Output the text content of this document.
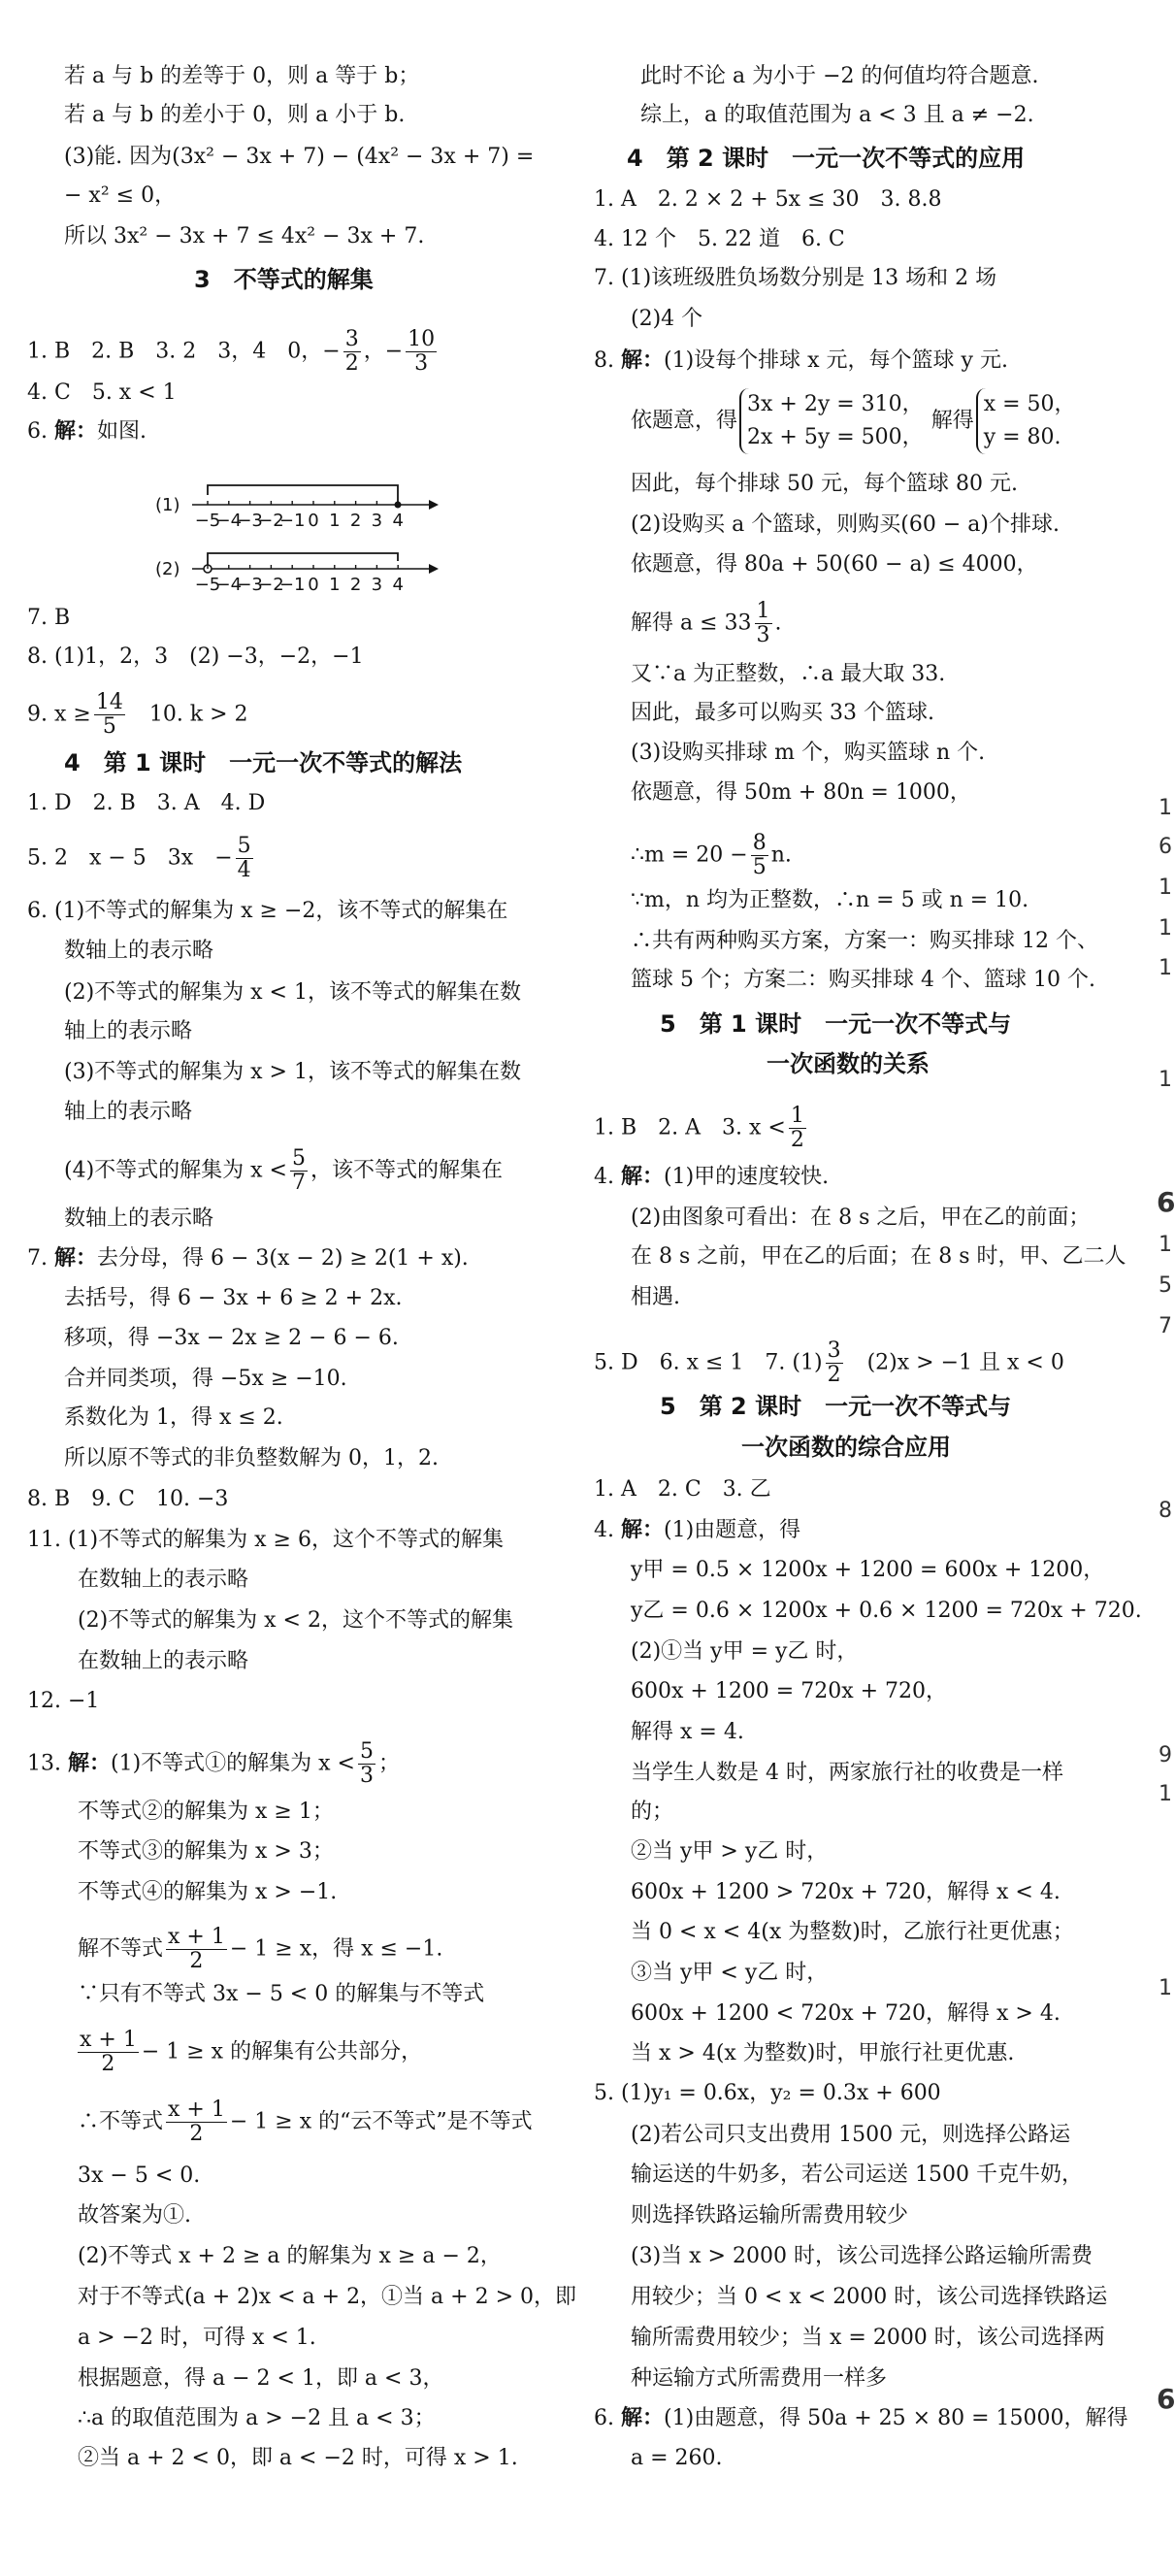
若 a 与 b 的差等于 0，则 a 等于 b；
若 a 与 b 的差小于 0，则 a 小于 b.
(3)能. 因为(3x² − 3x + 7) − (4x² − 3x + 7) =
− x² ≤ 0，
所以 3x² − 3x + 7 ≤ 4x² − 3x + 7.
3　不等式的解集
1. B　2. B　3. 2　3，4　0，− $\frac{3}{2}$ ，− $\frac{10}{3}$
4. C　5. x < 1
6. 解：如图.
(1)
−5
−4
−3
−2
−1 0 1 2 3 4
(2)
−5
−4
−3
−2
−1 0 1 2 3 4
7. B
8. (1)1，2，3　(2) −3，−2，−1
9. $x \ge \frac{14}{5}$ 　10. k > 2
4　第 1 课时　一元一次不等式的解法
1. D　2. B　3. A　4. D
5. 2　x − 5　3x　− $\frac{5}{4}$
6. (1)不等式的解集为 x ≥ −2，该不等式的解集在
数轴上的表示略
(2)不等式的解集为 x < 1，该不等式的解集在数
轴上的表示略
(3)不等式的解集为 x > 1，该不等式的解集在数
轴上的表示略
(4)不等式的解集为 $x < \frac{5}{7}$ ，该不等式的解集在
数轴上的表示略
7. 解：去分母，得 6 − 3(x − 2) ≥ 2(1 + x).
去括号，得 6 − 3x + 6 ≥ 2 + 2x.
移项，得 −3x − 2x ≥ 2 − 6 − 6.
合并同类项，得 −5x ≥ −10.
系数化为 1，得 x ≤ 2.
所以原不等式的非负整数解为 0，1，2.
8. B　9. C　10. −3
11. (1)不等式的解集为 x ≥ 6，这个不等式的解集
在数轴上的表示略
(2)不等式的解集为 x < 2，这个不等式的解集
在数轴上的表示略
12. −1
13. 解：(1)不等式①的解集为 $x < \frac{5}{3}$ ；
不等式②的解集为 x ≥ 1；
不等式③的解集为 x > 3；
不等式④的解集为 x > −1.
解不等式 $\frac{x + 1}{2} - 1 \ge x$，得 x ≤ −1.
∵只有不等式 3x − 5 < 0 的解集与不等式
$\frac{x + 1}{2} - 1 \ge x$ 的解集有公共部分，
∴不等式 $\frac{x + 1}{2} - 1 \ge x$ 的“云不等式”是不等式
3x − 5 < 0.
故答案为①.
(2)不等式 x + 2 ≥ a 的解集为 x ≥ a − 2，
对于不等式(a + 2)x < a + 2，①当 a + 2 > 0，即
a > −2 时，可得 x < 1.
根据题意，得 a − 2 < 1，即 a < 3，
∴a 的取值范围为 a > −2 且 a < 3；
②当 a + 2 < 0，即 a < −2 时，可得 x > 1.
此时不论 a 为小于 −2 的何值均符合题意.
综上，a 的取值范围为 a < 3 且 a ≠ −2.
4　第 2 课时　一元一次不等式的应用
1. A　2. 2 × 2 + 5x ≤ 30　3. 8.8
4. 12 个　5. 22 道　6. C
7. (1)该班级胜负场数分别是 13 场和 2 场
(2)4 个
8. 解：(1)设每个排球 x 元，每个篮球 y 元.
依题意，得
3x + 2y = 310，
2x + 5y = 500，
解得
x = 50，
y = 80.
因此，每个排球 50 元，每个篮球 80 元.
(2)设购买 a 个篮球，则购买(60 − a)个排球.
依题意，得 80a + 50(60 − a) ≤ 4000，
解得 $a \le 33 \frac{1}{3}$ .
又∵a 为正整数，∴a 最大取 33.
因此，最多可以购买 33 个篮球.
(3)设购买排球 m 个，购买篮球 n 个.
依题意，得 50m + 80n = 1000，
∴m = $20 - \frac{8}{5} n$.
∵m，n 均为正整数，∴n = 5 或 n = 10.
∴共有两种购买方案，方案一：购买排球 12 个、
篮球 5 个；方案二：购买排球 4 个、篮球 10 个.
5　第 1 课时　一元一次不等式与
一次函数的关系
1. B　2. A　3. $x < \frac{1}{2}$
4. 解：(1)甲的速度较快.
(2)由图象可看出：在 8 s 之后，甲在乙的前面；
在 8 s 之前，甲在乙的后面；在 8 s 时，甲、乙二人
相遇.
5. D　6. x ≤ 1　7. $(1) \frac{3}{2}$ 　(2)x > −1 且 x < 0
5　第 2 课时　一元一次不等式与
一次函数的综合应用
1. A　2. C　3. 乙
4. 解：(1)由题意，得
y甲 = 0.5 × 1200x + 1200 = 600x + 1200，
y乙 = 0.6 × 1200x + 0.6 × 1200 = 720x + 720.
(2)①当 y甲 = y乙 时，
600x + 1200 = 720x + 720，
解得 x = 4.
当学生人数是 4 时，两家旅行社的收费是一样
的；
②当 y甲 > y乙 时，
600x + 1200 > 720x + 720，解得 x < 4.
当 0 < x < 4(x 为整数)时，乙旅行社更优惠；
③当 y甲 < y乙 时，
600x + 1200 < 720x + 720，解得 x > 4.
当 x > 4(x 为整数)时，甲旅行社更优惠.
5. (1)y₁ = 0.6x，y₂ = 0.3x + 600
(2)若公司只支出费用 1500 元，则选择公路运
输运送的牛奶多，若公司运送 1500 千克牛奶，
则选择铁路运输所需费用较少
(3)当 x > 2000 时，该公司选择公路运输所需费
用较少；当 0 < x < 2000 时，该公司选择铁路运
输所需费用较少；当 x = 2000 时，该公司选择两
种运输方式所需费用一样多
6. 解：(1)由题意，得 50a + 25 × 80 = 15000，解得
a = 260.
1
6
1
1
1
1
6
1
5
7
8
9
1
1
6
